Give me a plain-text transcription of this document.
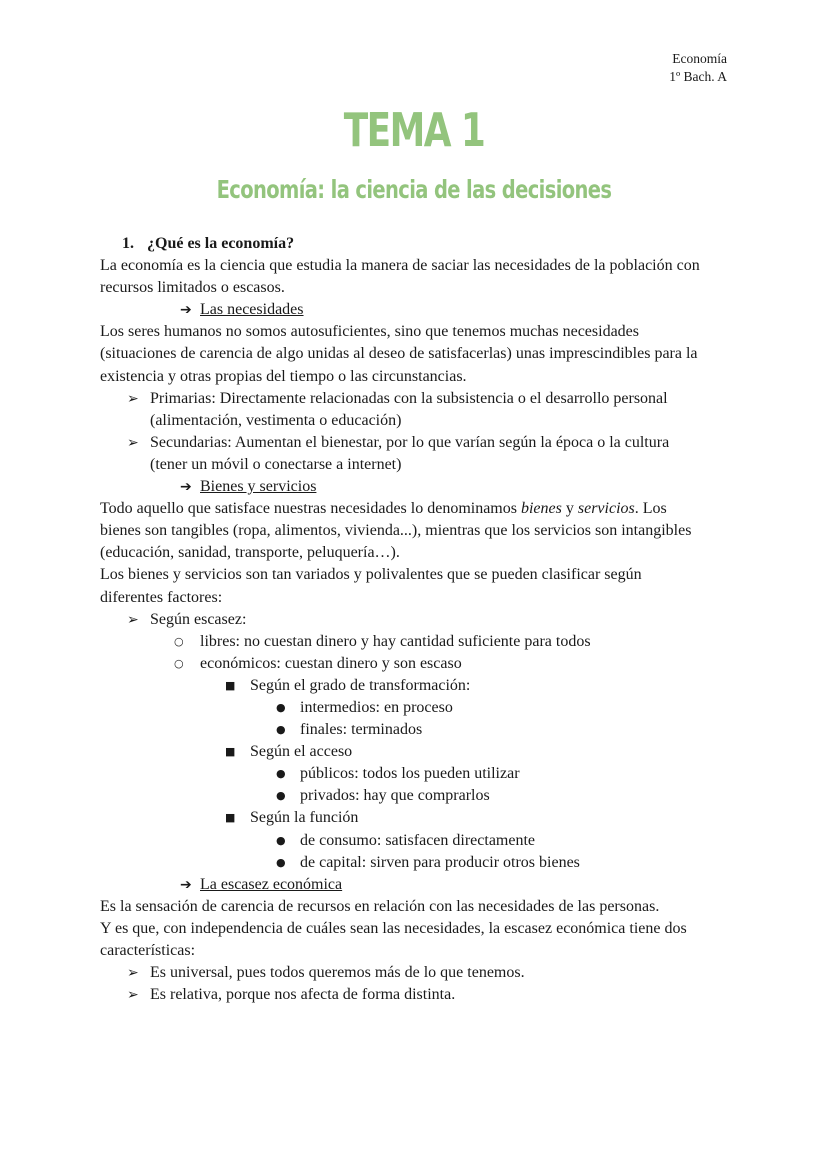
Economía
1º Bach. A
TEMA 1
Economía: la ciencia de las decisiones
1. ¿Qué es la economía?
La economía es la ciencia que estudia la manera de saciar las necesidades de la población con
recursos limitados o escasos.
➔ Las necesidades
Los seres humanos no somos autosuficientes, sino que tenemos muchas necesidades
(situaciones de carencia de algo unidas al deseo de satisfacerlas) unas imprescindibles para la
existencia y otras propias del tiempo o las circunstancias.
➢ Primarias: Directamente relacionadas con la subsistencia o el desarrollo personal
(alimentación, vestimenta o educación)
➢ Secundarias: Aumentan el bienestar, por lo que varían según la época o la cultura
(tener un móvil o conectarse a internet)
➔ Bienes y servicios
Todo aquello que satisface nuestras necesidades lo denominamos bienes y servicios. Los
bienes son tangibles (ropa, alimentos, vivienda...), mientras que los servicios son intangibles
(educación, sanidad, transporte, peluquería…).
Los bienes y servicios son tan variados y polivalentes que se pueden clasificar según
diferentes factores:
➢ Según escasez:
○ libres: no cuestan dinero y hay cantidad suficiente para todos
○ económicos: cuestan dinero y son escaso
■ Según el grado de transformación:
● intermedios: en proceso
● finales: terminados
■ Según el acceso
● públicos: todos los pueden utilizar
● privados: hay que comprarlos
■ Según la función
● de consumo: satisfacen directamente
● de capital: sirven para producir otros bienes
➔ La escasez económica
Es la sensación de carencia de recursos en relación con las necesidades de las personas.
Y es que, con independencia de cuáles sean las necesidades, la escasez económica tiene dos
características:
➢ Es universal, pues todos queremos más de lo que tenemos.
➢ Es relativa, porque nos afecta de forma distinta.
